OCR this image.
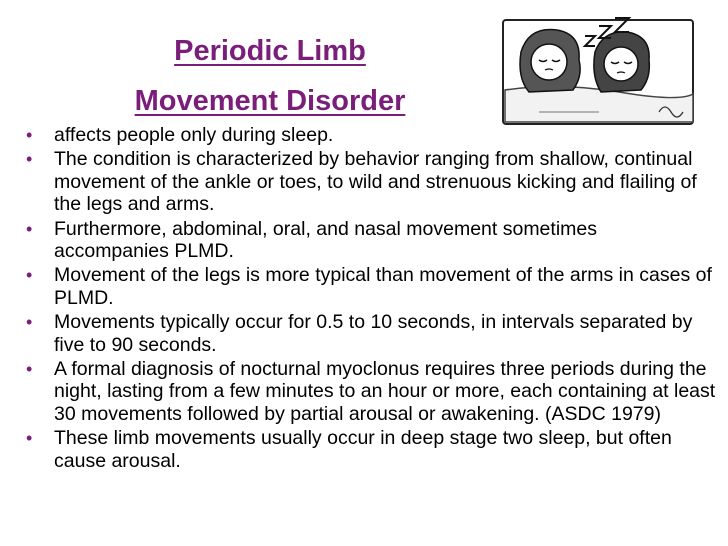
Periodic Limb
Movement Disorder
• affects people only during sleep.
• The condition is characterized by behavior ranging from shallow, continual movement of the ankle or toes, to wild and strenuous kicking and flailing of the legs and arms.
• Furthermore, abdominal, oral, and nasal movement sometimes accompanies PLMD.
• Movement of the legs is more typical than movement of the arms in cases of PLMD.
• Movements typically occur for 0.5 to 10 seconds, in intervals separated by five to 90 seconds.
• A formal diagnosis of nocturnal myoclonus requires three periods during the night, lasting from a few minutes to an hour or more, each containing at least 30 movements followed by partial arousal or awakening. (ASDC 1979)
• These limb movements usually occur in deep stage two sleep, but often cause arousal.
